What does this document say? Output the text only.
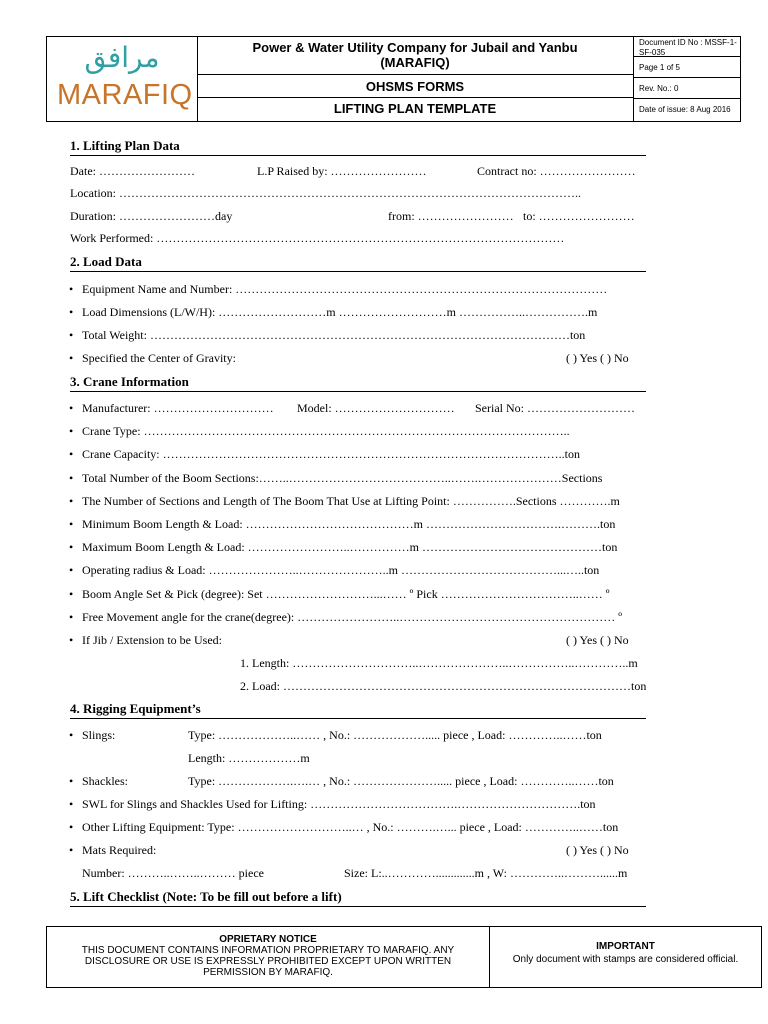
مرافق
MARAFIQ
Power & Water Utility Company for Jubail and Yanbu
(MARAFIQ)
OHSMS FORMS
LIFTING PLAN TEMPLATE
Document ID No : MSSF-1-SF-035
Page 1 of 5
Rev. No.: 0
Date of issue: 8 Aug 2016
1. Lifting Plan Data
Date: ……………………	L.P Raised by: ……………………	Contract no: ……………………
Location: ……………………………………………………………………………………………………..
Duration: ……………………day	from: …………………… to: ……………………
Work Performed: …………………………………………………………………………………………
2. Load Data
• Equipment Name and Number: …………………………………………………………………………………
• Load Dimensions (L/W/H): ………………………m ………………………m ……………..…………….m
• Total Weight: ……………………………………………………………………………………………ton
• Specified the Center of Gravity:	( ) Yes ( ) No
3. Crane Information
• Manufacturer: ………………………… Model: ………………………… Serial No: ………………………
• Crane Type: ……………………………………………………………………………………………..
• Crane Capacity: ………………………………………………………………………………………..ton
• Total Number of the Boom Sections:……..…………………………………..…….…………………Sections
• The Number of Sections and Length of The Boom That Use at Lifting Point: …………….Sections ………….m
• Minimum Boom Length & Load: ……………………………………m …………………………….……….ton
• Maximum Boom Length & Load: ……………………..……………m ………………………………………ton
• Operating radius & Load: …………………..…………………..m …………………………………...…..ton
• Boom Angle Set & Pick (degree): Set ………………………...…… º Pick ……………………………..…… º
• Free Movement angle for the crane(degree): ……………………..……………………………………………… º
• If Jib / Extension to be Used:	( ) Yes ( ) No
1. Length: …………………………..…………………..……………..…………..m
2. Load: ……………………………………………………………………………ton
4. Rigging Equipment’s
• Slings:	Type: ………………..…… , No.: ………………..... piece , Load: …………..……ton
Length: ………………m
• Shackles:	Type: ……………….….… , No.: …………………..... piece , Load: …………..……ton
• SWL for Slings and Shackles Used for Lifting: ……………………………….………………………….ton
• Other Lifting Equipment: Type: ………………………..… , No.: ……….…... piece , Load: …………..……ton
• Mats Required:	( ) Yes ( ) No
Number: ………..……..……… piece	Size: L:..………….............m , W: …………..………......m
5. Lift Checklist (Note: To be fill out before a lift)
OPRIETARY NOTICE
THIS DOCUMENT CONTAINS INFORMATION PROPRIETARY TO MARAFIQ. ANY
DISCLOSURE OR USE IS EXPRESSLY PROHIBITED EXCEPT UPON WRITTEN
PERMISSION BY MARAFIQ.
IMPORTANT
Only document with stamps are considered official.
